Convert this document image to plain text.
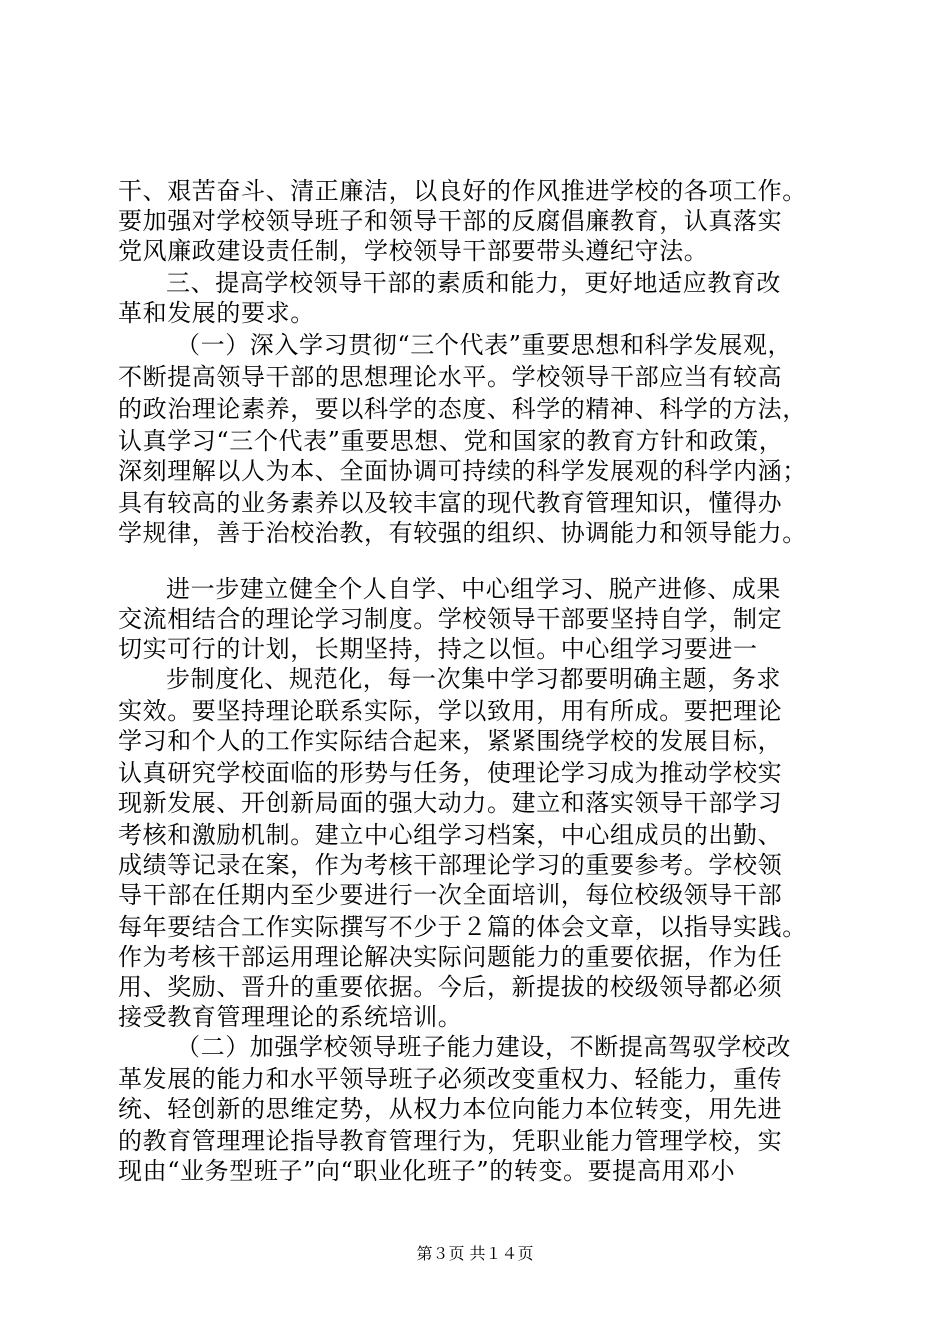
干、艰苦奋斗、清正廉洁，以良好的作风推进学校的各项工作。
要加强对学校领导班子和领导干部的反腐倡廉教育，认真落实
党风廉政建设责任制，学校领导干部要带头遵纪守法。
三、提高学校领导干部的素质和能力，更好地适应教育改
革和发展的要求。
（一）深入学习贯彻“三个代表”重要思想和科学发展观，
不断提高领导干部的思想理论水平。学校领导干部应当有较高
的政治理论素养，要以科学的态度、科学的精神、科学的方法，
认真学习“三个代表”重要思想、党和国家的教育方针和政策，
深刻理解以人为本、全面协调可持续的科学发展观的科学内涵；
具有较高的业务素养以及较丰富的现代教育管理知识，懂得办
学规律，善于治校治教，有较强的组织、协调能力和领导能力。
进一步建立健全个人自学、中心组学习、脱产进修、成果
交流相结合的理论学习制度。学校领导干部要坚持自学，制定
切实可行的计划，长期坚持，持之以恒。中心组学习要进一
步制度化、规范化，每一次集中学习都要明确主题，务求
实效。要坚持理论联系实际，学以致用，用有所成。要把理论
学习和个人的工作实际结合起来，紧紧围绕学校的发展目标，
认真研究学校面临的形势与任务，使理论学习成为推动学校实
现新发展、开创新局面的强大动力。建立和落实领导干部学习
考核和激励机制。建立中心组学习档案，中心组成员的出勤、
成绩等记录在案，作为考核干部理论学习的重要参考。学校领
导干部在任期内至少要进行一次全面培训，每位校级领导干部
每年要结合工作实际撰写不少于２篇的体会文章，以指导实践。
作为考核干部运用理论解决实际问题能力的重要依据，作为任
用、奖励、晋升的重要依据。今后，新提拔的校级领导都必须
接受教育管理理论的系统培训。
（二）加强学校领导班子能力建设，不断提高驾驭学校改
革发展的能力和水平领导班子必须改变重权力、轻能力，重传
统、轻创新的思维定势，从权力本位向能力本位转变，用先进
的教育管理理论指导教育管理行为，凭职业能力管理学校，实
现由“业务型班子”向“职业化班子”的转变。要提高用邓小
第３页 共１４页
